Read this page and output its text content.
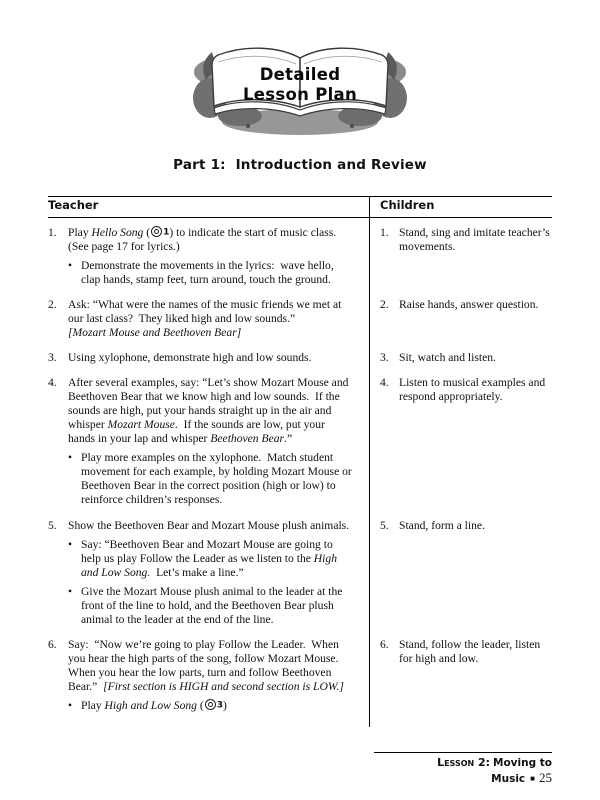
Detailed
Lesson Plan
Part 1:  Introduction and Review
Teacher	Children
1. Play Hello Song ( 1) to indicate the start of music class.  (See page 17 for lyrics.)
• Demonstrate the movements in the lyrics:  wave hello, clap hands, stamp feet, turn around, touch the ground.
1. Stand, sing and imitate teacher’s movements.
2. Ask: “What were the names of the music friends we met at our last class?  They liked high and low sounds.”
[Mozart Mouse and Beethoven Bear]
2. Raise hands, answer question.
3. Using xylophone, demonstrate high and low sounds.	3. Sit, watch and listen.
4. After several examples, say: “Let’s show Mozart Mouse and Beethoven Bear that we know high and low sounds.  If the sounds are high, put your hands straight up in the air and whisper Mozart Mouse.  If the sounds are low, put your hands in your lap and whisper Beethoven Bear.”
• Play more examples on the xylophone.  Match student movement for each example, by holding Mozart Mouse or Beethoven Bear in the correct position (high or low) to reinforce children’s responses.
4. Listen to musical examples and respond appropriately.
5. Show the Beethoven Bear and Mozart Mouse plush animals.
• Say: “Beethoven Bear and Mozart Mouse are going to help us play Follow the Leader as we listen to the High and Low Song.  Let’s make a line.”
• Give the Mozart Mouse plush animal to the leader at the front of the line to hold, and the Beethoven Bear plush animal to the leader at the end of the line.
5. Stand, form a line.
6. Say:  “Now we’re going to play Follow the Leader.  When you hear the high parts of the song, follow Mozart Mouse.  When you hear the low parts, turn and follow Beethoven Bear.”  [First section is HIGH and second section is LOW.]
• Play High and Low Song ( 3)
6. Stand, follow the leader, listen for high and low.
Lesson 2: Moving to Music ■ 25
